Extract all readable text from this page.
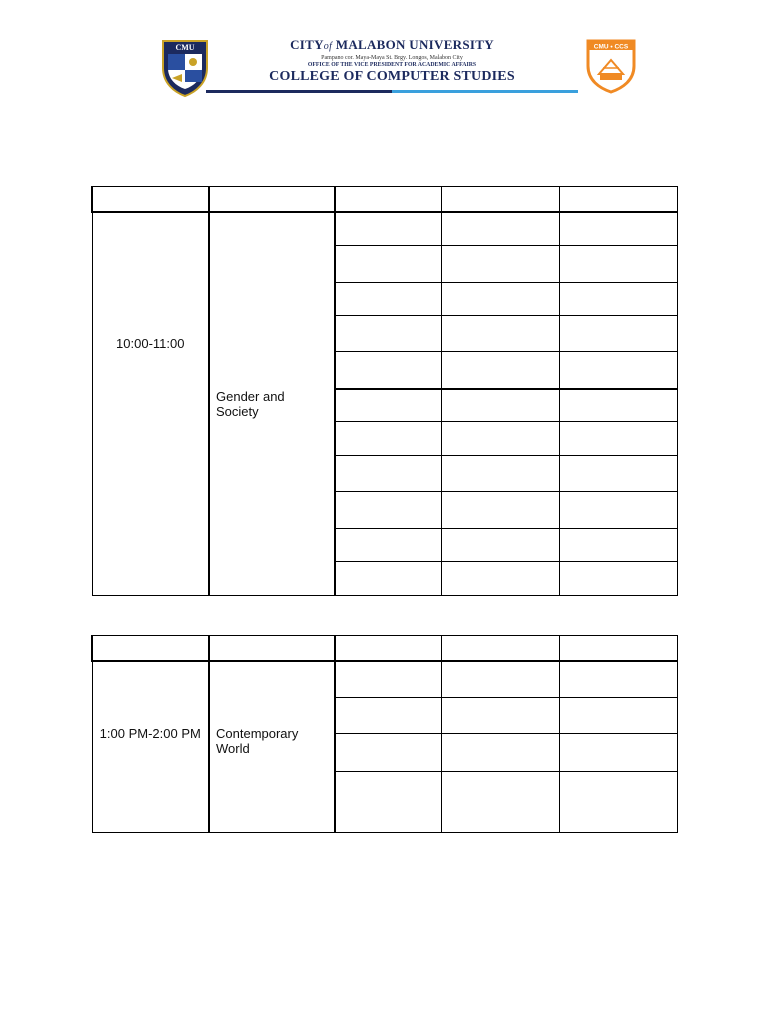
CMU	CITYof MALABON UNIVERSITY
Pampano cor. Maya-Maya St. Brgy. Longos, Malabon City
OFFICE OF THE VICE PRESIDENT FOR ACADEMIC AFFAIRS
COLLEGE OF COMPUTER STUDIES
CMU • CCS

10:00-11:00	Gender and
Society			

1:00 PM-2:00 PM	Contemporary
World			
